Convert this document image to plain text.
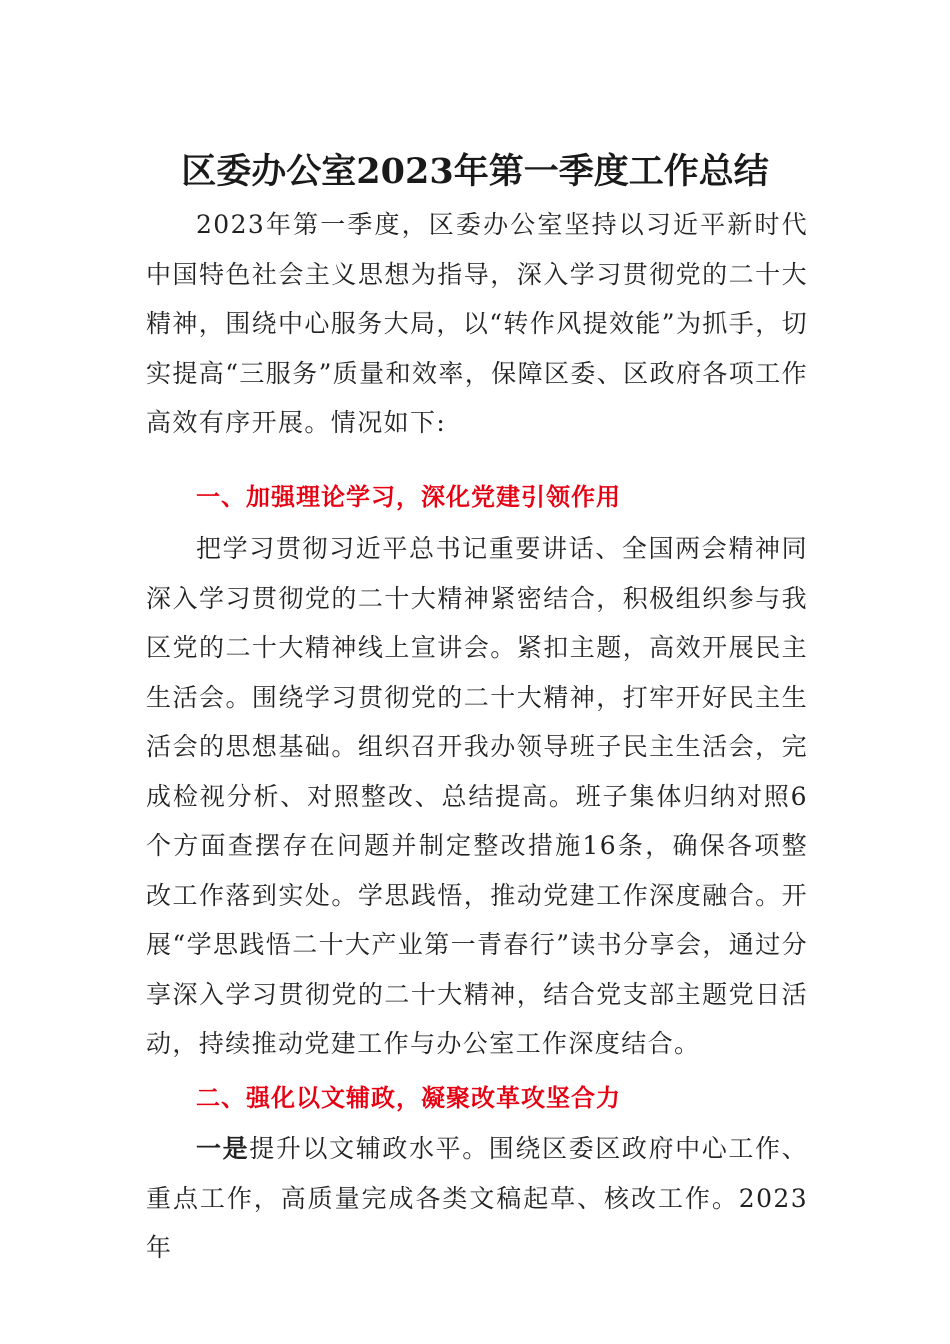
区委办公室2023年第一季度工作总结

2023年第一季度，区委办公室坚持以习近平新时代中国特色社会主义思想为指导，深入学习贯彻党的二十大精神，围绕中心服务大局，以“转作风提效能”为抓手，切实提高“三服务”质量和效率，保障区委、区政府各项工作高效有序开展。情况如下:

一、加强理论学习，深化党建引领作用

把学习贯彻习近平总书记重要讲话、全国两会精神同深入学习贯彻党的二十大精神紧密结合，积极组织参与我区党的二十大精神线上宣讲会。紧扣主题，高效开展民主生活会。围绕学习贯彻党的二十大精神，打牢开好民主生活会的思想基础。组织召开我办领导班子民主生活会，完成检视分析、对照整改、总结提高。班子集体归纳对照6个方面查摆存在问题并制定整改措施16条，确保各项整改工作落到实处。学思践悟，推动党建工作深度融合。开展“学思践悟二十大产业第一青春行”读书分享会，通过分享深入学习贯彻党的二十大精神，结合党支部主题党日活动，持续推动党建工作与办公室工作深度结合。

二、强化以文辅政，凝聚改革攻坚合力

一是提升以文辅政水平。围绕区委区政府中心工作、重点工作，高质量完成各类文稿起草、核改工作。2023年
